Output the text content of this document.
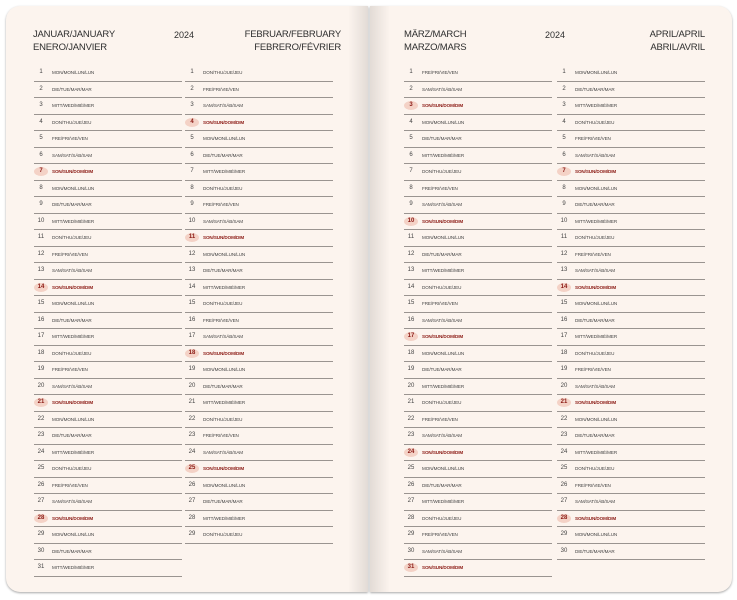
JANUAR/JANUARY
ENERO/JANVIER
2024	FEBRUAR/FEBRUARY
FEBRERO/FÉVRIER
1	MON/MON/LUN/LUN
2	DIE/TUE/MAR/MAR
3	MITT/WED/MIÉ/MER
4	DON/THU/JUE/JEU
5	FRE/FRI/VIE/VEN
6	SAM/SAT/SÁB/SAM
7	SON/SUN/DOM/DIM
8	MON/MON/LUN/LUN
9	DIE/TUE/MAR/MAR
10	MITT/WED/MIÉ/MER
11	DON/THU/JUE/JEU
12	FRE/FRI/VIE/VEN
13	SAM/SAT/SÁB/SAM
14	SON/SUN/DOM/DIM
15	MON/MON/LUN/LUN
16	DIE/TUE/MAR/MAR
17	MITT/WED/MIÉ/MER
18	DON/THU/JUE/JEU
19	FRE/FRI/VIE/VEN
20	SAM/SAT/SÁB/SAM
21	SON/SUN/DOM/DIM
22	MON/MON/LUN/LUN
23	DIE/TUE/MAR/MAR
24	MITT/WED/MIÉ/MER
25	DON/THU/JUE/JEU
26	FRE/FRI/VIE/VEN
27	SAM/SAT/SÁB/SAM
28	SON/SUN/DOM/DIM
29	MON/MON/LUN/LUN
30	DIE/TUE/MAR/MAR
31	MITT/WED/MIÉ/MER
1	DON/THU/JUE/JEU
2	FRE/FRI/VIE/VEN
3	SAM/SAT/SÁB/SAM
4	SON/SUN/DOM/DIM
5	MON/MON/LUN/LUN
6	DIE/TUE/MAR/MAR
7	MITT/WED/MIÉ/MER
8	DON/THU/JUE/JEU
9	FRE/FRI/VIE/VEN
10	SAM/SAT/SÁB/SAM
11	SON/SUN/DOM/DIM
12	MON/MON/LUN/LUN
13	DIE/TUE/MAR/MAR
14	MITT/WED/MIÉ/MER
15	DON/THU/JUE/JEU
16	FRE/FRI/VIE/VEN
17	SAM/SAT/SÁB/SAM
18	SON/SUN/DOM/DIM
19	MON/MON/LUN/LUN
20	DIE/TUE/MAR/MAR
21	MITT/WED/MIÉ/MER
22	DON/THU/JUE/JEU
23	FRE/FRI/VIE/VEN
24	SAM/SAT/SÁB/SAM
25	SON/SUN/DOM/DIM
26	MON/MON/LUN/LUN
27	DIE/TUE/MAR/MAR
28	MITT/WED/MIÉ/MER
29	DON/THU/JUE/JEU
MÄRZ/MARCH
MARZO/MARS
2024	APRIL/APRIL
ABRIL/AVRIL
1	FRE/FRI/VIE/VEN
2	SAM/SAT/SÁB/SAM
3	SON/SUN/DOM/DIM
4	MON/MON/LUN/LUN
5	DIE/TUE/MAR/MAR
6	MITT/WED/MIÉ/MER
7	DON/THU/JUE/JEU
8	FRE/FRI/VIE/VEN
9	SAM/SAT/SÁB/SAM
10	SON/SUN/DOM/DIM
11	MON/MON/LUN/LUN
12	DIE/TUE/MAR/MAR
13	MITT/WED/MIÉ/MER
14	DON/THU/JUE/JEU
15	FRE/FRI/VIE/VEN
16	SAM/SAT/SÁB/SAM
17	SON/SUN/DOM/DIM
18	MON/MON/LUN/LUN
19	DIE/TUE/MAR/MAR
20	MITT/WED/MIÉ/MER
21	DON/THU/JUE/JEU
22	FRE/FRI/VIE/VEN
23	SAM/SAT/SÁB/SAM
24	SON/SUN/DOM/DIM
25	MON/MON/LUN/LUN
26	DIE/TUE/MAR/MAR
27	MITT/WED/MIÉ/MER
28	DON/THU/JUE/JEU
29	FRE/FRI/VIE/VEN
30	SAM/SAT/SÁB/SAM
31	SON/SUN/DOM/DIM
1	MON/MON/LUN/LUN
2	DIE/TUE/MAR/MAR
3	MITT/WED/MIÉ/MER
4	DON/THU/JUE/JEU
5	FRE/FRI/VIE/VEN
6	SAM/SAT/SÁB/SAM
7	SON/SUN/DOM/DIM
8	MON/MON/LUN/LUN
9	DIE/TUE/MAR/MAR
10	MITT/WED/MIÉ/MER
11	DON/THU/JUE/JEU
12	FRE/FRI/VIE/VEN
13	SAM/SAT/SÁB/SAM
14	SON/SUN/DOM/DIM
15	MON/MON/LUN/LUN
16	DIE/TUE/MAR/MAR
17	MITT/WED/MIÉ/MER
18	DON/THU/JUE/JEU
19	FRE/FRI/VIE/VEN
20	SAM/SAT/SÁB/SAM
21	SON/SUN/DOM/DIM
22	MON/MON/LUN/LUN
23	DIE/TUE/MAR/MAR
24	MITT/WED/MIÉ/MER
25	DON/THU/JUE/JEU
26	FRE/FRI/VIE/VEN
27	SAM/SAT/SÁB/SAM
28	SON/SUN/DOM/DIM
29	MON/MON/LUN/LUN
30	DIE/TUE/MAR/MAR
